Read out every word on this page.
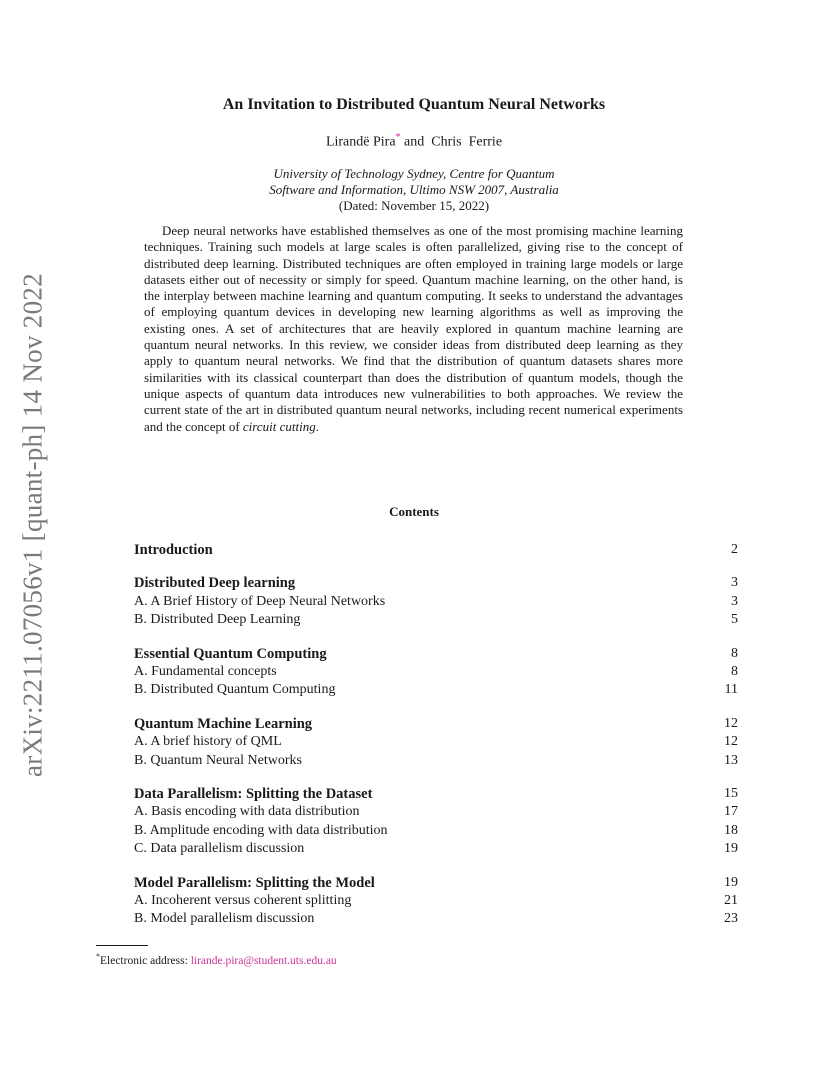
arXiv:2211.07056v1 [quant-ph] 14 Nov 2022
An Invitation to Distributed Quantum Neural Networks
Lirandë Pira* and  Chris  Ferrie
University of Technology Sydney, Centre for Quantum
Software and Information, Ultimo NSW 2007, Australia
(Dated: November 15, 2022)

Deep neural networks have established themselves as one of the most promising machine learning techniques. Training such models at large scales is often parallelized, giving rise to the concept of distributed deep learning. Distributed techniques are often employed in training large models or large datasets either out of necessity or simply for speed. Quantum machine learning, on the other hand, is the interplay between machine learning and quantum computing. It seeks to understand the advantages of employing quantum devices in developing new learning algorithms as well as improving the existing ones. A set of architectures that are heavily explored in quantum machine learning are quantum neural networks. In this review, we consider ideas from distributed deep learning as they apply to quantum neural networks. We find that the distribution of quantum datasets shares more similarities with its classical counterpart than does the distribution of quantum models, though the unique aspects of quantum data introduces new vulnerabilities to both approaches. We review the current state of the art in distributed quantum neural networks, including recent numerical experiments and the concept of circuit cutting.

Contents
Introduction	2
Distributed Deep learning	3
A. A Brief History of Deep Neural Networks	3
B. Distributed Deep Learning	5
Essential Quantum Computing	8
A. Fundamental concepts	8
B. Distributed Quantum Computing	11
Quantum Machine Learning	12
A. A brief history of QML	12
B. Quantum Neural Networks	13
Data Parallelism: Splitting the Dataset	15
A. Basis encoding with data distribution	17
B. Amplitude encoding with data distribution	18
C. Data parallelism discussion	19
Model Parallelism: Splitting the Model	19
A. Incoherent versus coherent splitting	21
B. Model parallelism discussion	23
*Electronic address: lirande.pira@student.uts.edu.au
